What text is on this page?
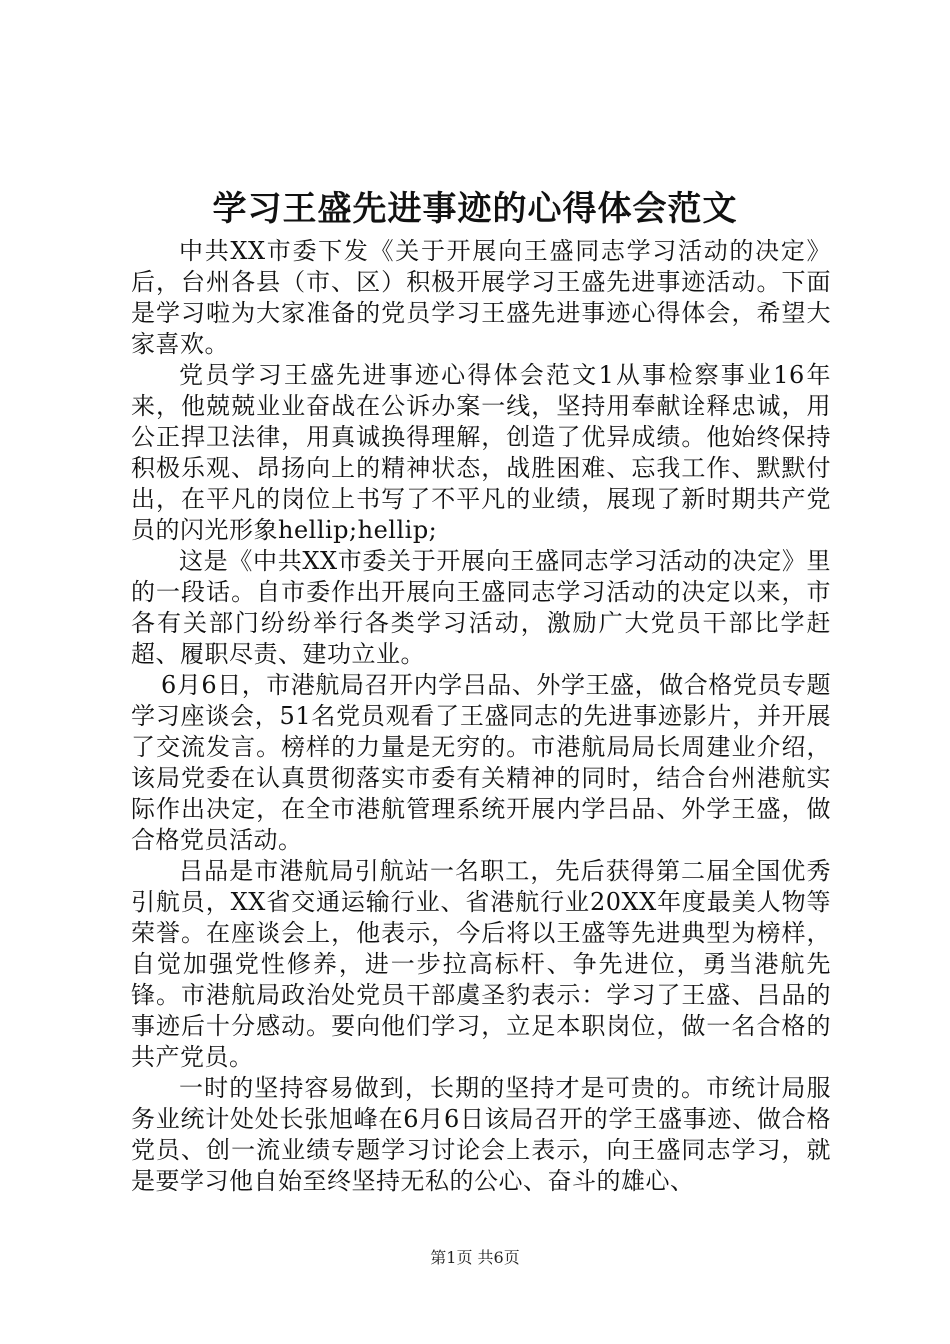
学习王盛先进事迹的心得体会范文

中共XX市委下发《关于开展向王盛同志学习活动的决定》后，台州各县（市、区）积极开展学习王盛先进事迹活动。下面是学习啦为大家准备的党员学习王盛先进事迹心得体会，希望大家喜欢。

党员学习王盛先进事迹心得体会范文1从事检察事业16年来，他兢兢业业奋战在公诉办案一线，坚持用奉献诠释忠诚，用公正捍卫法律，用真诚换得理解，创造了优异成绩。他始终保持积极乐观、昂扬向上的精神状态，战胜困难、忘我工作、默默付出，在平凡的岗位上书写了不平凡的业绩，展现了新时期共产党员的闪光形象hellip;hellip;

这是《中共XX市委关于开展向王盛同志学习活动的决定》里的一段话。自市委作出开展向王盛同志学习活动的决定以来，市各有关部门纷纷举行各类学习活动，激励广大党员干部比学赶超、履职尽责、建功立业。

6月6日，市港航局召开内学吕品、外学王盛，做合格党员专题学习座谈会，51名党员观看了王盛同志的先进事迹影片，并开展了交流发言。榜样的力量是无穷的。市港航局局长周建业介绍，该局党委在认真贯彻落实市委有关精神的同时，结合台州港航实际作出决定，在全市港航管理系统开展内学吕品、外学王盛，做合格党员活动。

吕品是市港航局引航站一名职工，先后获得第二届全国优秀引航员，XX省交通运输行业、省港航行业20XX年度最美人物等荣誉。在座谈会上，他表示，今后将以王盛等先进典型为榜样，自觉加强党性修养，进一步拉高标杆、争先进位，勇当港航先锋。市港航局政治处党员干部虞圣豹表示：学习了王盛、吕品的事迹后十分感动。要向他们学习，立足本职岗位，做一名合格的共产党员。

一时的坚持容易做到，长期的坚持才是可贵的。市统计局服务业统计处处长张旭峰在6月6日该局召开的学王盛事迹、做合格党员、创一流业绩专题学习讨论会上表示，向王盛同志学习，就是要学习他自始至终坚持无私的公心、奋斗的雄心、

第1页 共6页
